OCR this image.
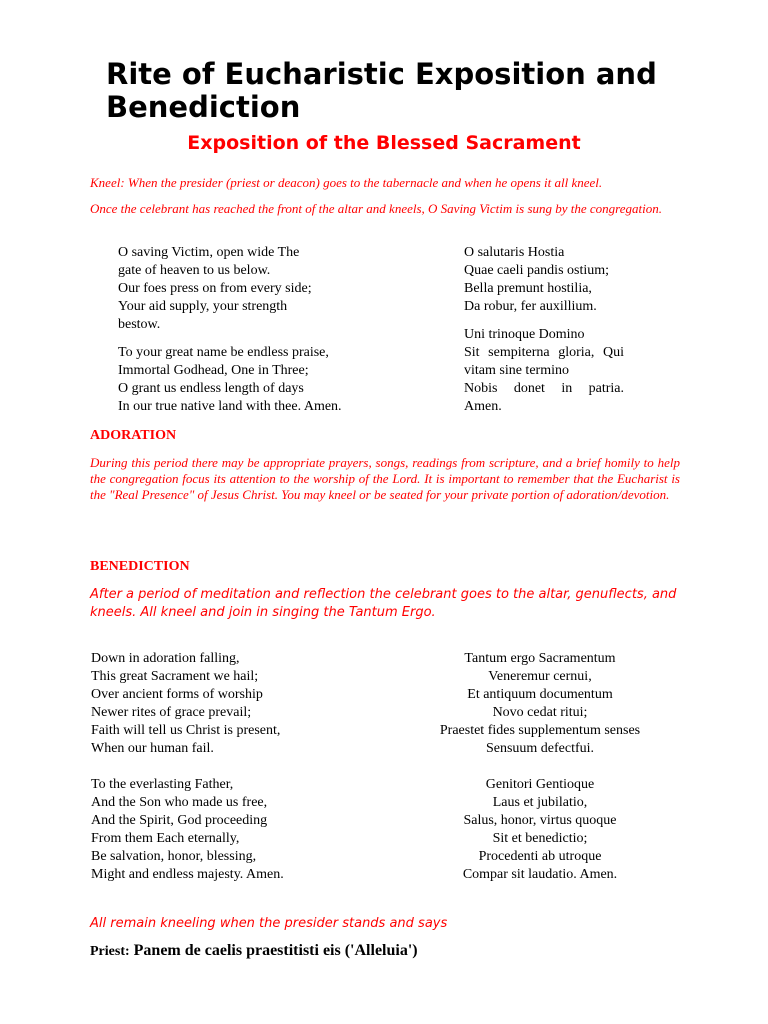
Rite of Eucharistic Exposition and Benediction
Exposition of the Blessed Sacrament

Kneel: When the presider (priest or deacon) goes to the tabernacle and when he opens it all kneel.

Once the celebrant has reached the front of the altar and kneels, O Saving Victim is sung by the congregation.

O saving Victim, open wide The
gate of heaven to us below.
Our foes press on from every side;
Your aid supply, your strength
bestow.
To your great name be endless praise,
Immortal Godhead, One in Three;
O grant us endless length of days
In our true native land with thee. Amen.
O salutaris Hostia
Quae caeli pandis ostium;
Bella premunt hostilia,
Da robur, fer auxillium.
Uni trinoque Domino
Sit sempiterna gloria, Qui
vitam sine termino
Nobis donet in patria.
Amen.
ADORATION

During this period there may be appropriate prayers, songs, readings from scripture, and a brief homily to help the congregation focus its attention to the worship of the Lord. It is important to remember that the Eucharist is the "Real Presence" of Jesus Christ. You may kneel or be seated for your private portion of adoration/devotion.

BENEDICTION

After a period of meditation and reflection the celebrant goes to the altar, genuflects, and kneels. All kneel and join in singing the Tantum Ergo.

Down in adoration falling,
This great Sacrament we hail;
Over ancient forms of worship
Newer rites of grace prevail;
Faith will tell us Christ is present,
When our human fail.
To the everlasting Father,
And the Son who made us free,
And the Spirit, God proceeding
From them Each eternally,
Be salvation, honor, blessing,
Might and endless majesty. Amen.
Tantum ergo Sacramentum
Veneremur cernui,
Et antiquum documentum
Novo cedat ritui;
Praestet fides supplementum senses
Sensuum defectfui.
Genitori Gentioque
Laus et jubilatio,
Salus, honor, virtus quoque
Sit et benedictio;
Procedenti ab utroque
Compar sit laudatio. Amen.

All remain kneeling when the presider stands and says

Priest: Panem de caelis praestitisti eis ('Alleluia')
